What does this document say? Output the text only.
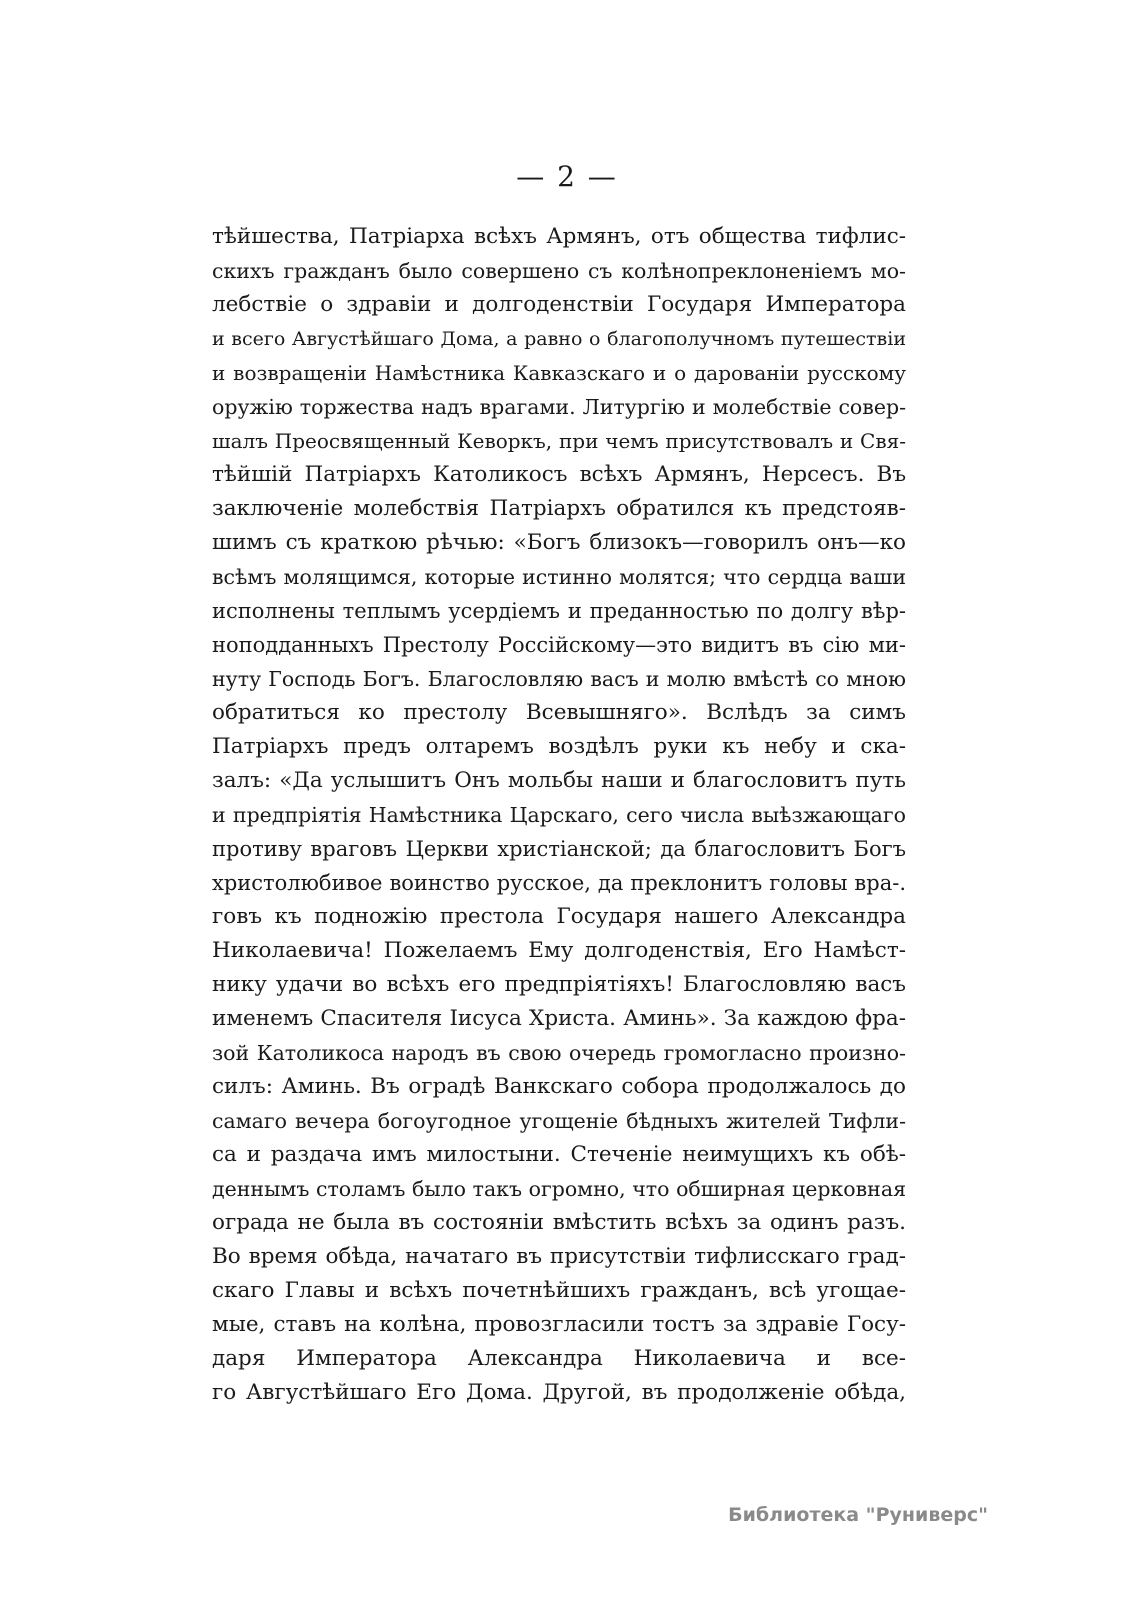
— 2 —
тѣйшества, Патріарха всѣхъ Армянъ, отъ общества тифлис-
скихъ гражданъ было совершено съ колѣнопреклоненіемъ мо-
лебствіе о здравіи и долгоденствіи Государя Императора
и всего Августѣйшаго Дома, а равно о благополучномъ путешествіи
и возвращеніи Намѣстника Кавказскаго и о дарованіи русскому
оружію торжества надъ врагами. Литургію и молебствіе совер-
шалъ Преосвященный Кеворкъ, при чемъ присутствовалъ и Свя-
тѣйшій Патріархъ Католикосъ всѣхъ Армянъ, Нерсесъ. Въ
заключеніе молебствія Патріархъ обратился къ предстояв-
шимъ съ краткою рѣчью: «Богъ близокъ—говорилъ онъ—ко
всѣмъ молящимся, которые истинно молятся; что сердца ваши
исполнены теплымъ усердіемъ и преданностью по долгу вѣр-
ноподданныхъ Престолу Россійскому—это видитъ въ сію ми-
нуту Господь Богъ. Благословляю васъ и молю вмѣстѣ со мною
обратиться ко престолу Всевышняго». Вслѣдъ за симъ
Патріархъ предъ олтаремъ воздѣлъ руки къ небу и ска-
залъ: «Да услышитъ Онъ мольбы наши и благословитъ путь
и предпріятія Намѣстника Царскаго, сего числа выѣзжающаго
противу враговъ Церкви христіанской; да благословитъ Богъ
христолюбивое воинство русское, да преклонитъ головы вра-.
говъ къ подножію престола Государя нашего Александра
Николаевича! Пожелаемъ Ему долгоденствія, Его Намѣст-
нику удачи во всѣхъ его предпріятіяхъ! Благословляю васъ
именемъ Спасителя Іисуса Христа. Аминь». За каждою фра-
зой Католикоса народъ въ свою очередь громогласно произно-
силъ: Аминь. Въ оградѣ Ванкскаго собора продолжалось до
самаго вечера богоугодное угощеніе бѣдныхъ жителей Тифли-
са и раздача имъ милостыни. Стеченіе неимущихъ къ обѣ-
деннымъ столамъ было такъ огромно, что обширная церковная
ограда не была въ состояніи вмѣстить всѣхъ за одинъ разъ.
Во время обѣда, начатаго въ присутствіи тифлисскаго град-
скаго Главы и всѣхъ почетнѣйшихъ гражданъ, всѣ угощае-
мые, ставъ на колѣна, провозгласили тостъ за здравіе Госу-
даря Императора Александра Николаевича и все-
го Августѣйшаго Его Дома. Другой, въ продолженіе обѣда,
Библиотека "Руниверс"
